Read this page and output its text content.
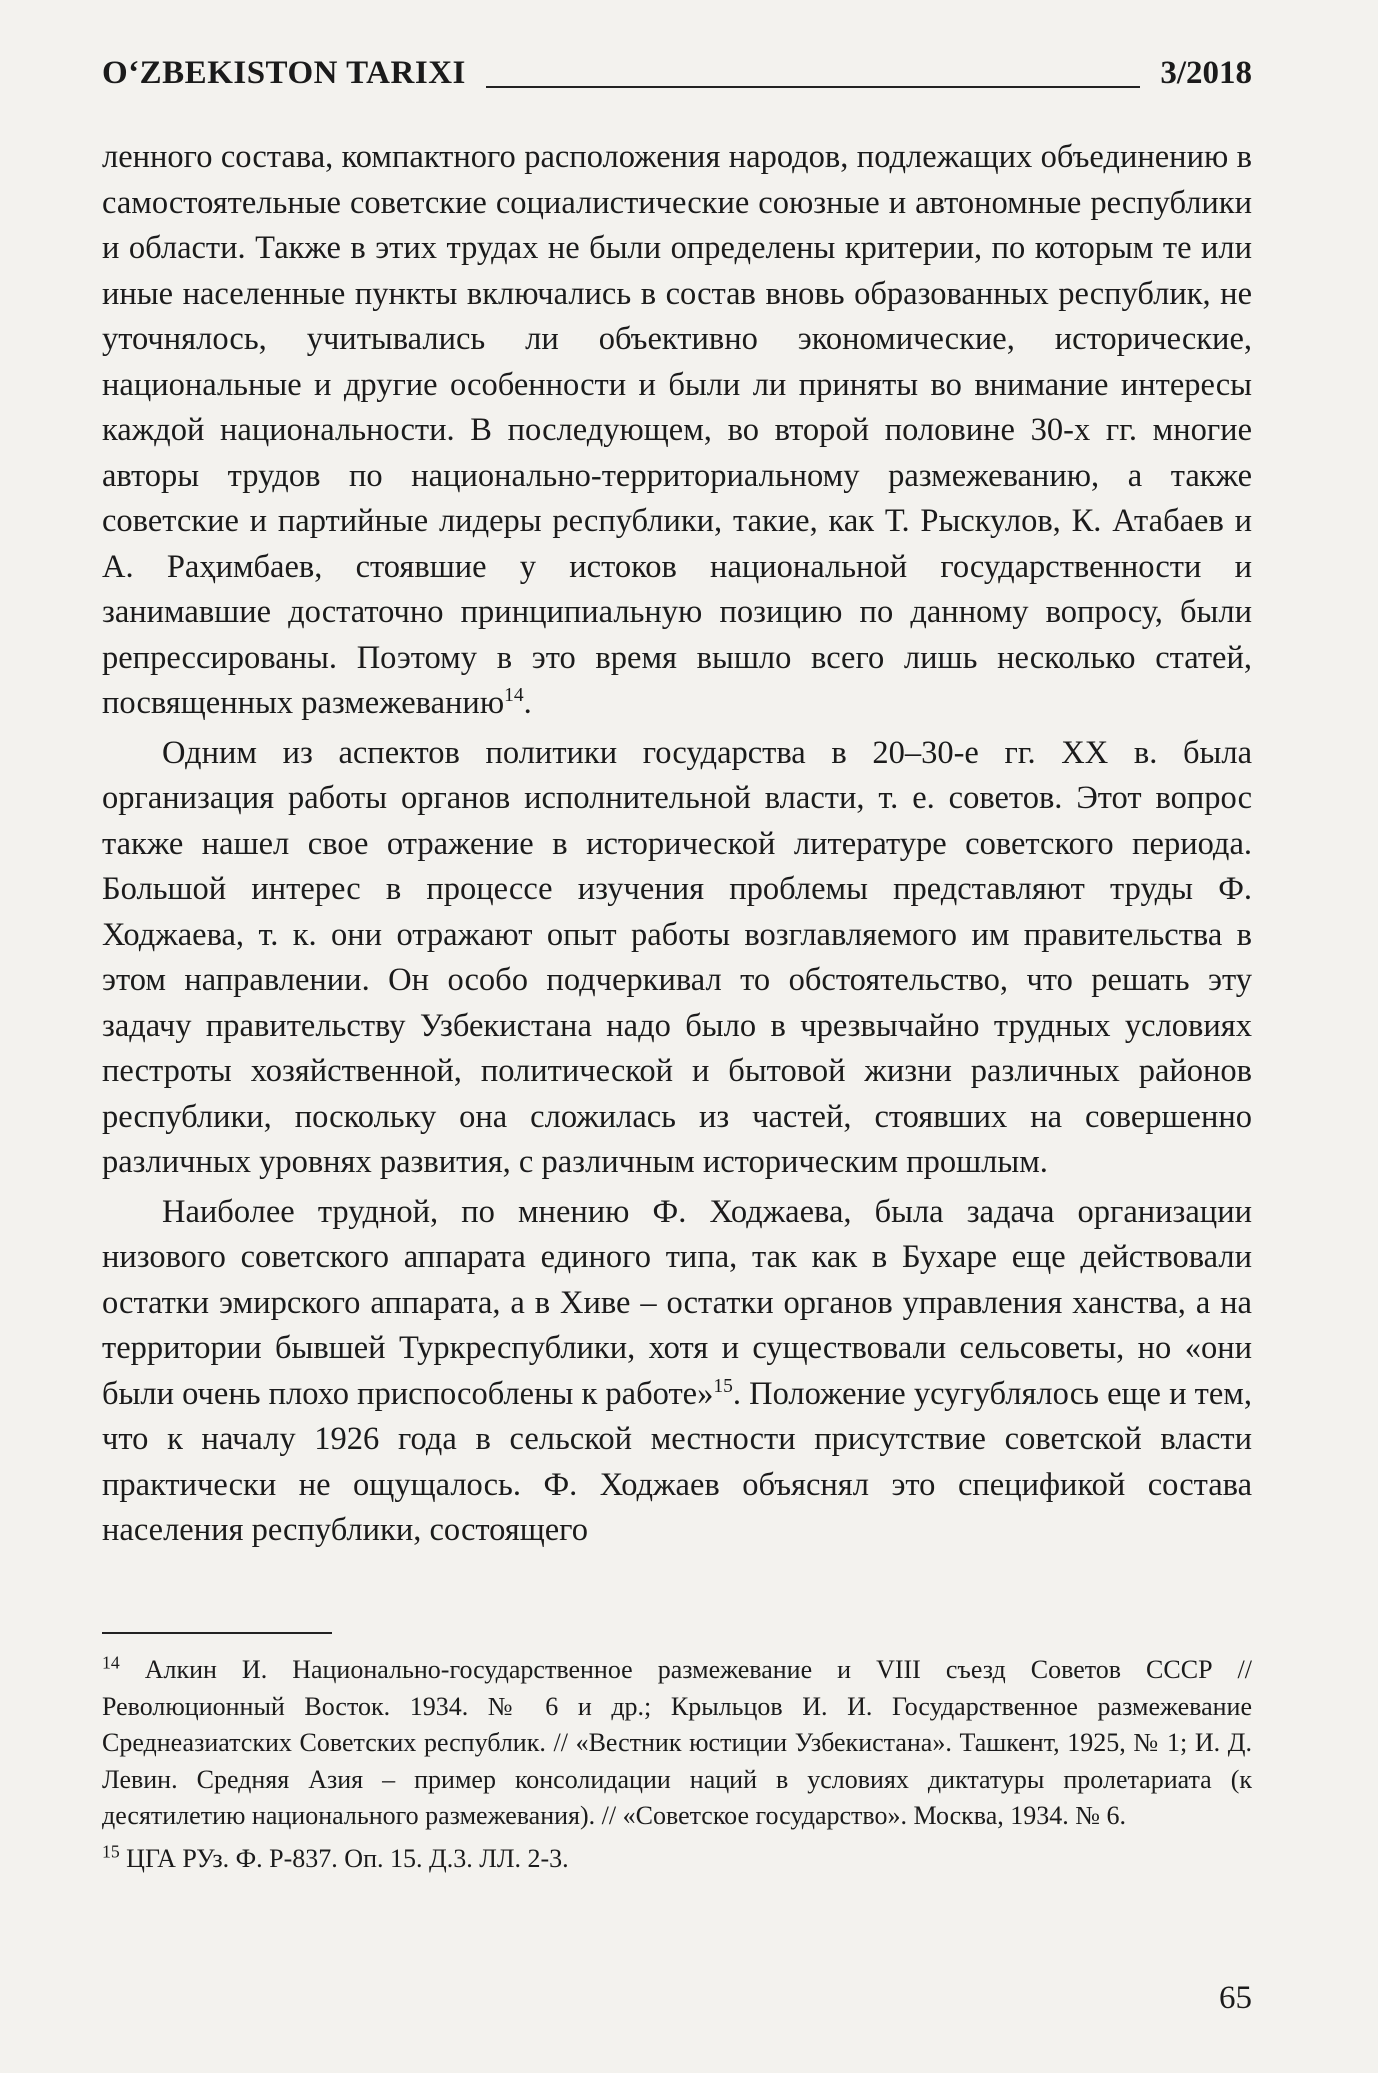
O‘ZBEKISTON TARIXI	3/2018

ленного состава, компактного расположения народов, подлежащих объединению в самостоятельные советские социалистические союзные и автономные республики и области. Также в этих трудах не были определены критерии, по которым те или иные населенные пункты включались в состав вновь образованных республик, не уточнялось, учитывались ли объективно экономические, исторические, национальные и другие особенности и были ли приняты во внимание интересы каждой национальности. В последующем, во второй половине 30-х гг. многие авторы трудов по национально-территориальному размежеванию, а также советские и партийные лидеры республики, такие, как Т. Рыскулов, К. Атабаев и А. Раҳимбаев, стоявшие у истоков национальной государственности и занимавшие достаточно принципиальную позицию по данному вопросу, были репрессированы. Поэтому в это время вышло всего лишь несколько статей, посвященных размежеванию$^{14}$.

Одним из аспектов политики государства в 20–30-е гг. XX в. была организация работы органов исполнительной власти, т. е. советов. Этот вопрос также нашел свое отражение в исторической литературе советского периода. Большой интерес в процессе изучения проблемы представляют труды Ф. Ходжаева, т. к. они отражают опыт работы возглавляемого им правительства в этом направлении. Он особо подчеркивал то обстоятельство, что решать эту задачу правительству Узбекистана надо было в чрезвычайно трудных условиях пестроты хозяйственной, политической и бытовой жизни различных районов республики, поскольку она сложилась из частей, стоявших на совершенно различных уровнях развития, с различным историческим прошлым.

Наиболее трудной, по мнению Ф. Ходжаева, была задача организации низового советского аппарата единого типа, так как в Бухаре еще действовали остатки эмирского аппарата, а в Хиве – остатки органов управления ханства, а на территории бывшей Туркреспублики, хотя и существовали сельсоветы, но «они были очень плохо приспособлены к работе»$^{15}$. Положение усугублялось еще и тем, что к началу 1926 года в сельской местности присутствие советской власти практически не ощущалось. Ф. Ходжаев объяснял это спецификой состава населения республики, состоящего

$^{14}$ Алкин И. Национально-государственное размежевание и VIII съезд Советов СССР // Революционный Восток. 1934. № 6 и др.; Крыльцов И. И. Государственное размежевание Среднеазиатских Советских республик. // «Вестник юстиции Узбекистана». Ташкент, 1925, № 1; И. Д. Левин. Средняя Азия – пример консолидации наций в условиях диктатуры пролетариата (к десятилетию национального размежевания). // «Советское государство». Москва, 1934. № 6.

$^{15}$ ЦГА РУз. Ф. Р-837. Оп. 15. Д.3. ЛЛ. 2-3.

65
